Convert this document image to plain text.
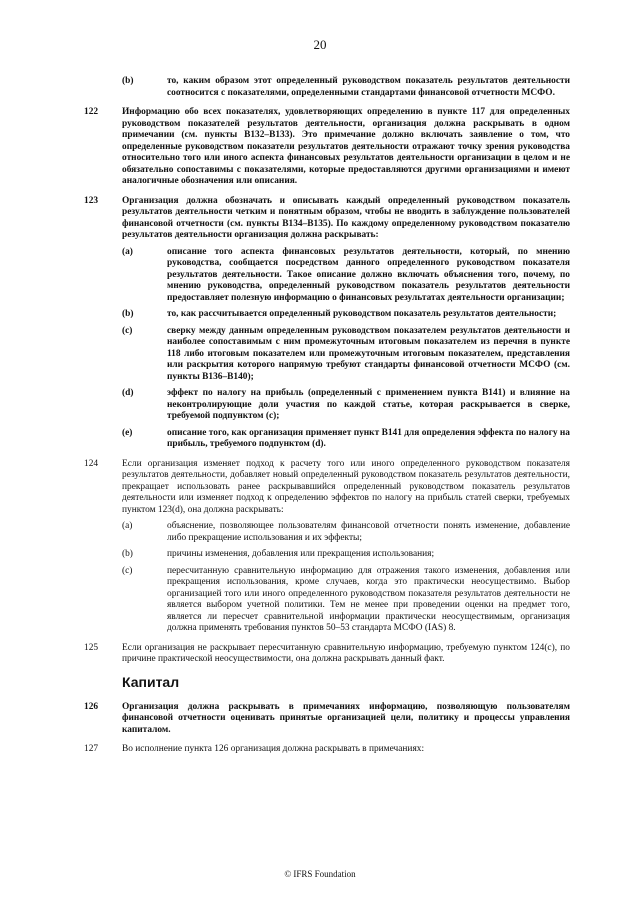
20
(b)	то, каким образом этот определенный руководством показатель результатов деятельности соотносится с показателями, определенными стандартами финансовой отчетности МСФО.
122	Информацию обо всех показателях, удовлетворяющих определению в пункте 117 для определенных руководством показателей результатов деятельности, организация должна раскрывать в одном примечании (см. пункты B132–B133). Это примечание должно включать заявление о том, что определенные руководством показатели результатов деятельности отражают точку зрения руководства относительно того или иного аспекта финансовых результатов деятельности организации в целом и не обязательно сопоставимы с показателями, которые предоставляются другими организациями и имеют аналогичные обозначения или описания.
123	Организация должна обозначать и описывать каждый определенный руководством показатель результатов деятельности четким и понятным образом, чтобы не вводить в заблуждение пользователей финансовой отчетности (см. пункты B134–B135). По каждому определенному руководством показателю результатов деятельности организация должна раскрывать:
(a)	описание того аспекта финансовых результатов деятельности, который, по мнению руководства, сообщается посредством данного определенного руководством показателя результатов деятельности. Такое описание должно включать объяснения того, почему, по мнению руководства, определенный руководством показатель результатов деятельности предоставляет полезную информацию о финансовых результатах деятельности организации;
(b)	то, как рассчитывается определенный руководством показатель результатов деятельности;
(c)	сверку между данным определенным руководством показателем результатов деятельности и наиболее сопоставимым с ним промежуточным итоговым показателем из перечня в пункте 118 либо итоговым показателем или промежуточным итоговым показателем, представления или раскрытия которого напрямую требуют стандарты финансовой отчетности МСФО (см. пункты B136–B140);
(d)	эффект по налогу на прибыль (определенный с применением пункта B141) и влияние на неконтролирующие доли участия по каждой статье, которая раскрывается в сверке, требуемой подпунктом (c);
(e)	описание того, как организация применяет пункт B141 для определения эффекта по налогу на прибыль, требуемого подпунктом (d).
124	Если организация изменяет подход к расчету того или иного определенного руководством показателя результатов деятельности, добавляет новый определенный руководством показатель результатов деятельности, прекращает использовать ранее раскрывавшийся определенный руководством показатель результатов деятельности или изменяет подход к определению эффектов по налогу на прибыль статей сверки, требуемых пунктом 123(d), она должна раскрывать:
(a)	объяснение, позволяющее пользователям финансовой отчетности понять изменение, добавление либо прекращение использования и их эффекты;
(b)	причины изменения, добавления или прекращения использования;
(c)	пересчитанную сравнительную информацию для отражения такого изменения, добавления или прекращения использования, кроме случаев, когда это практически неосуществимо. Выбор организацией того или иного определенного руководством показателя результатов деятельности не является выбором учетной политики. Тем не менее при проведении оценки на предмет того, является ли пересчет сравнительной информации практически неосуществимым, организация должна применять требования пунктов 50–53 стандарта МСФО (IAS) 8.
125	Если организация не раскрывает пересчитанную сравнительную информацию, требуемую пунктом 124(c), по причине практической неосуществимости, она должна раскрывать данный факт.
Капитал
126	Организация должна раскрывать в примечаниях информацию, позволяющую пользователям финансовой отчетности оценивать принятые организацией цели, политику и процессы управления капиталом.
127	Во исполнение пункта 126 организация должна раскрывать в примечаниях:
© IFRS Foundation
